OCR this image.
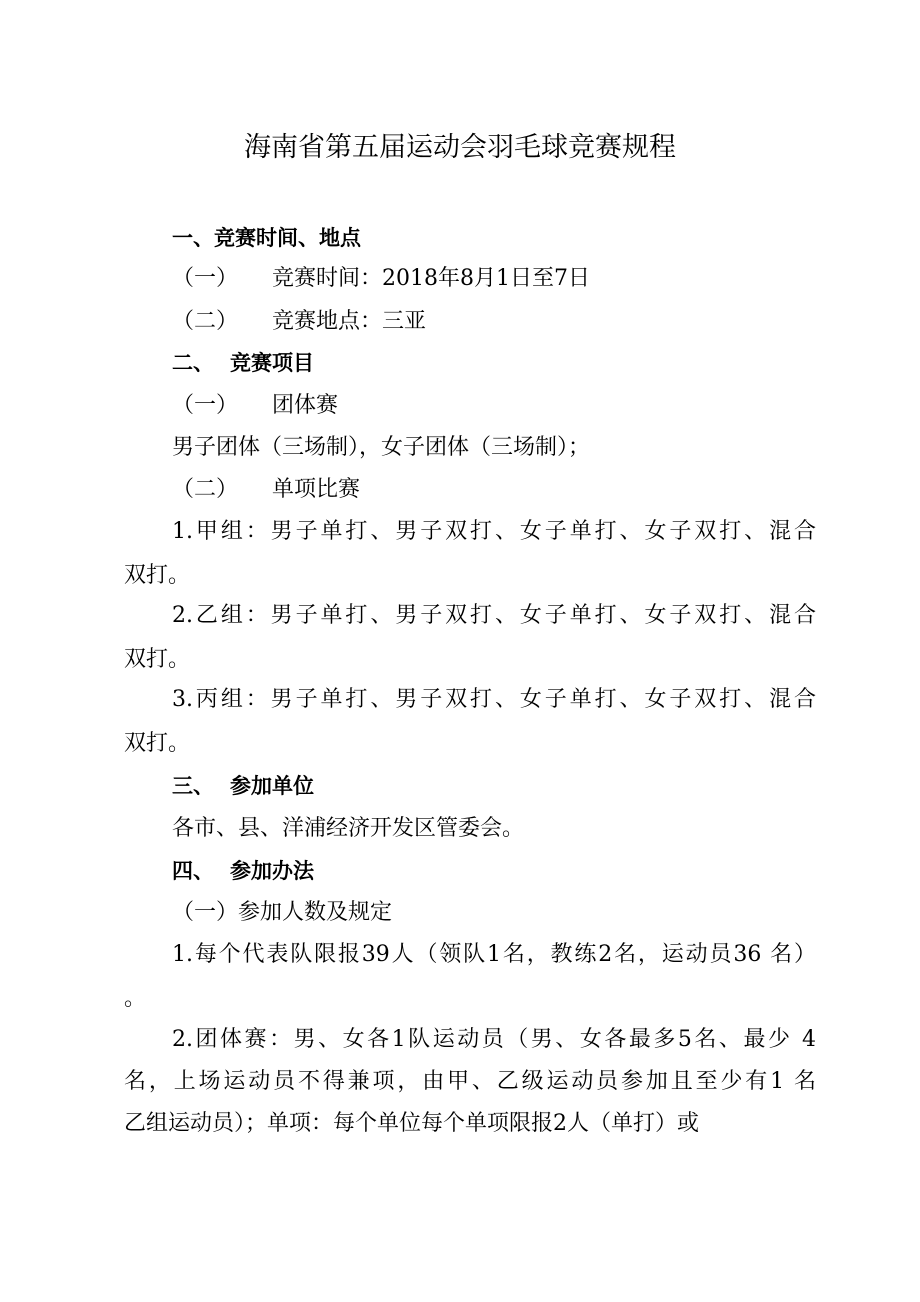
海南省第五届运动会羽毛球竞赛规程
一、竞赛时间、地点
（一） 竞赛时间：2018年8月1日至7日
（二） 竞赛地点：三亚
二、 竞赛项目
（一） 团体赛
男子团体（三场制），女子团体（三场制）；
（二） 单项比赛
1.甲组：男子单打、男子双打、女子单打、女子双打、混合
双打。
2.乙组：男子单打、男子双打、女子单打、女子双打、混合
双打。
3.丙组：男子单打、男子双打、女子单打、女子双打、混合
双打。
三、 参加单位
各市、县、洋浦经济开发区管委会。
四、 参加办法
（一）参加人数及规定
1.每个代表队限报39人（领队1名，教练2名，运动员36 名）
。
2.团体赛：男、女各1队运动员（男、女各最多5名、最少 4
名，上场运动员不得兼项，由甲、乙级运动员参加且至少有1 名
乙组运动员）；单项：每个单位每个单项限报2人（单打）或
